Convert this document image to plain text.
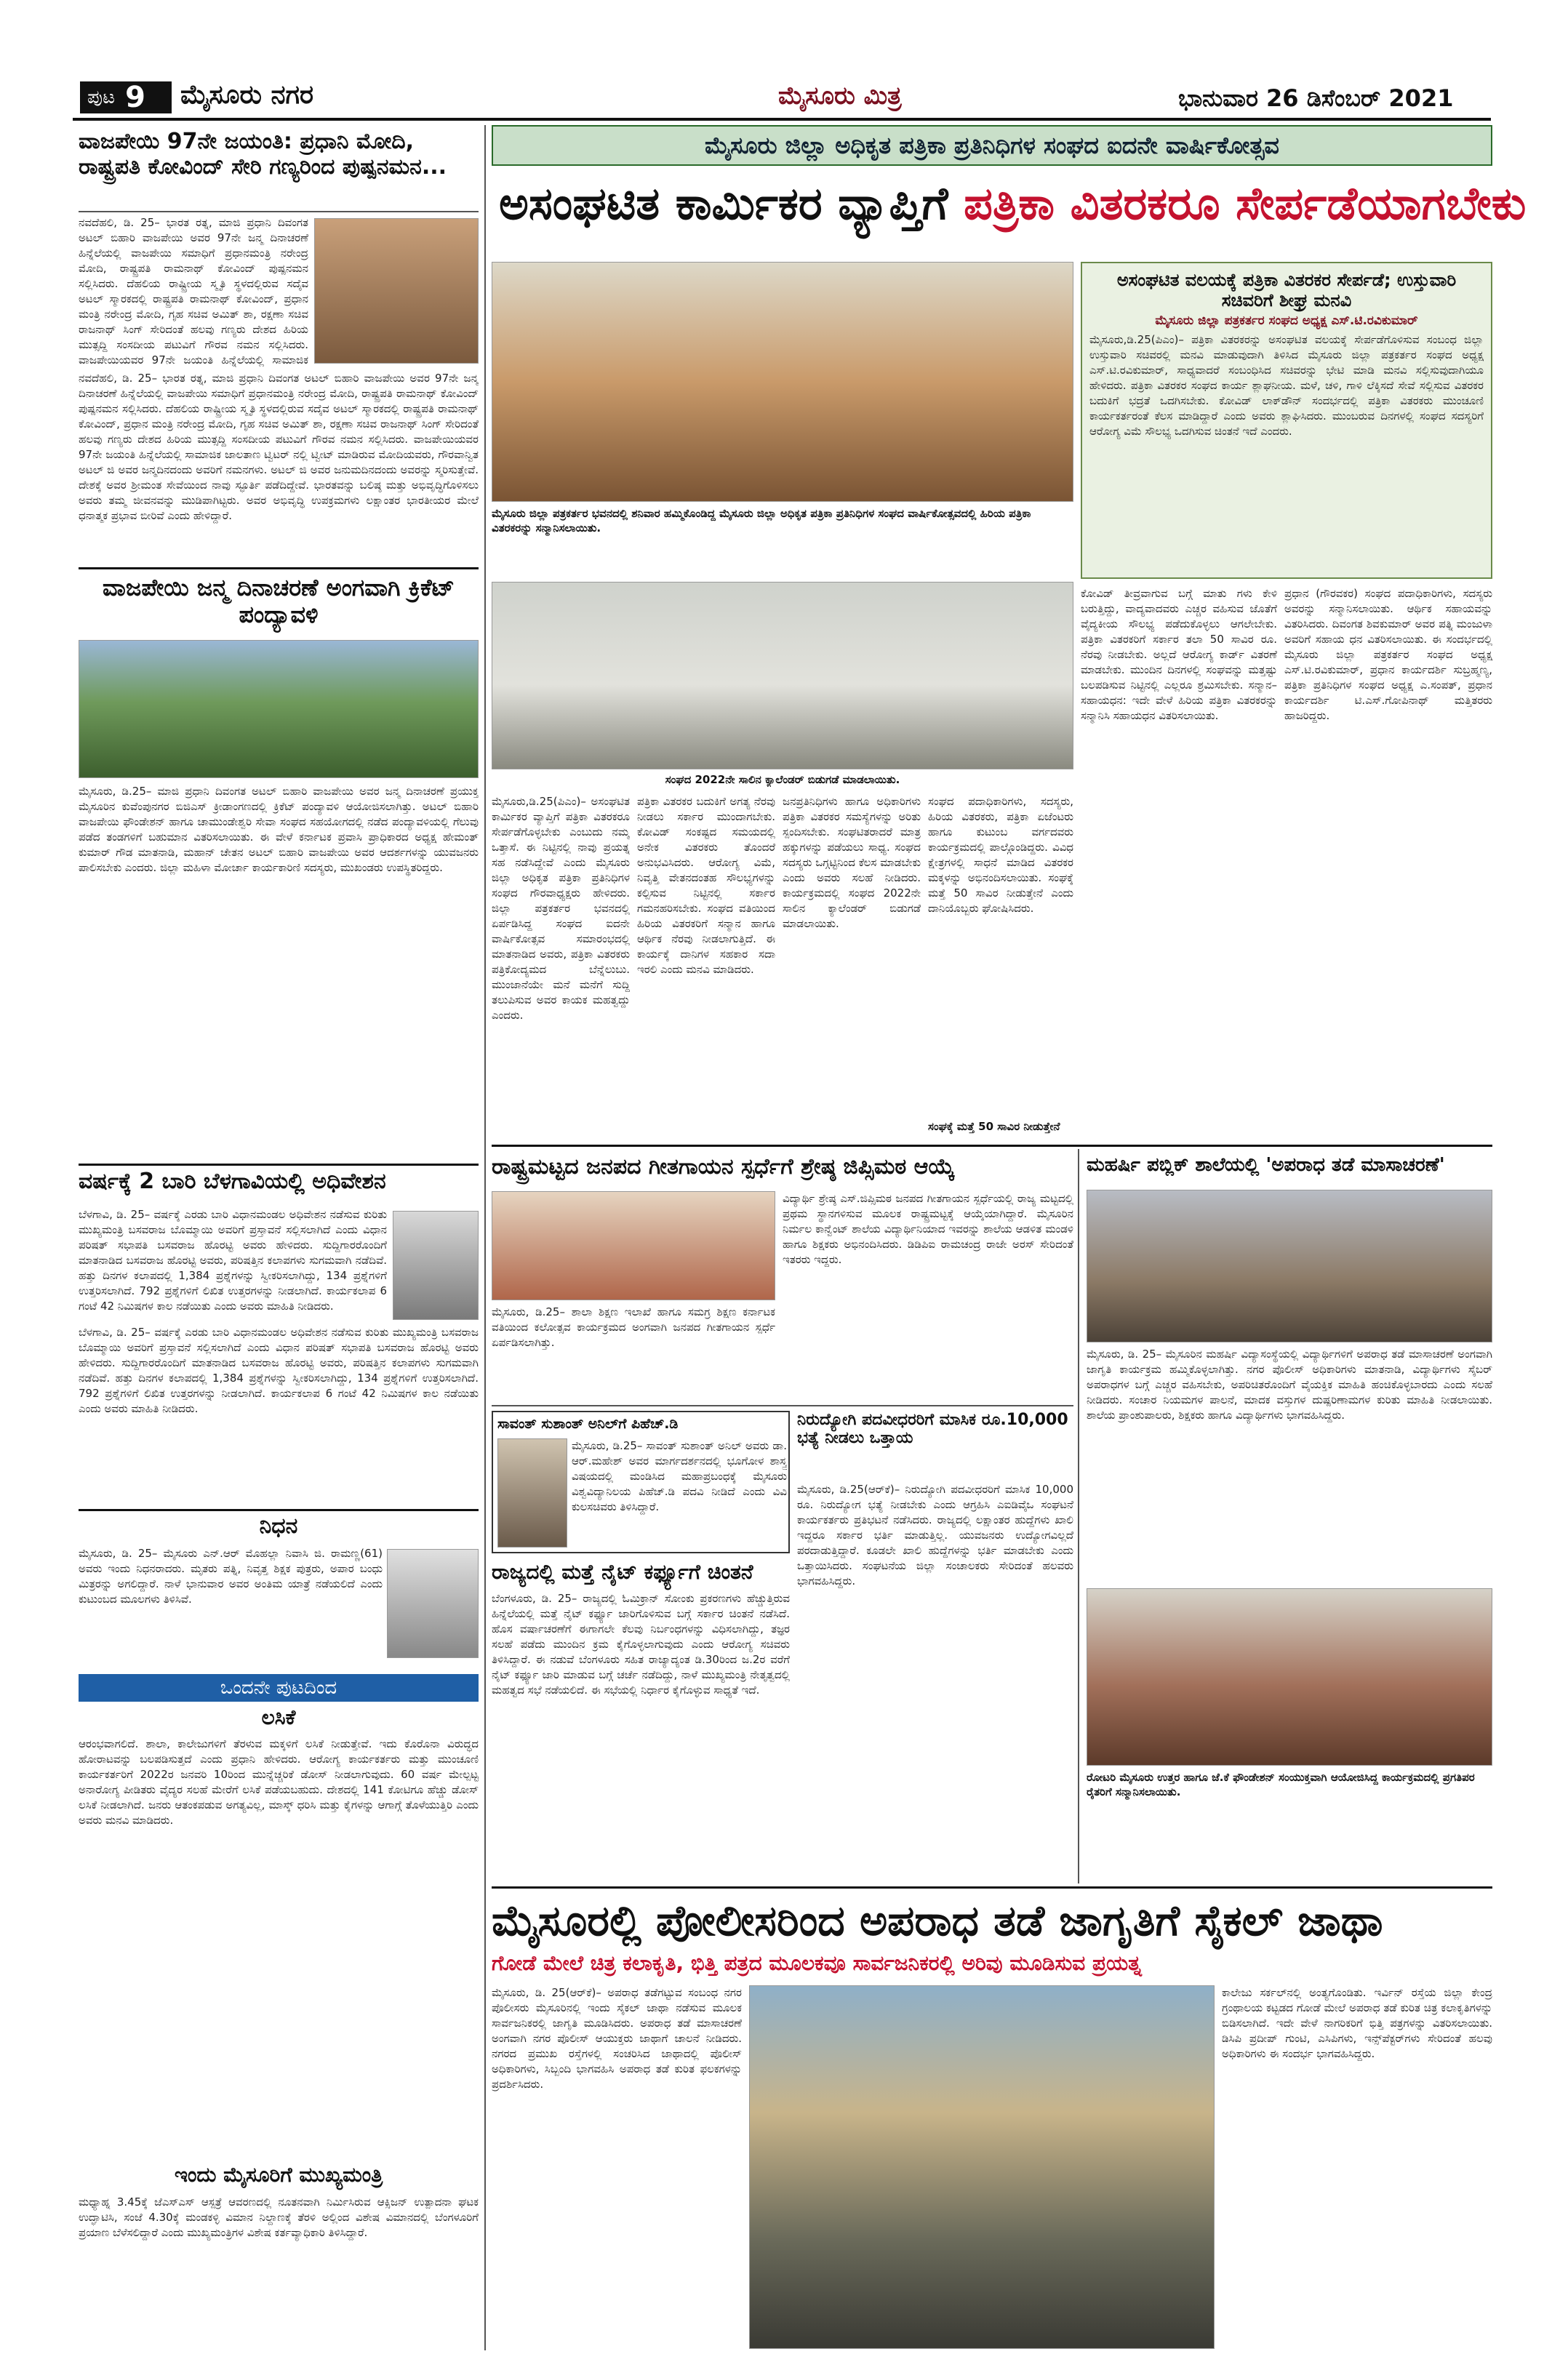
ಪುಟ 9 ಮೈಸೂರು ನಗರ	ಮೈಸೂರು ಮಿತ್ರ	ಭಾನುವಾರ 26 ಡಿಸೆಂಬರ್ 2021
ವಾಜಪೇಯಿ 97ನೇ ಜಯಂತಿ: ಪ್ರಧಾನಿ ಮೋದಿ, ರಾಷ್ಟ್ರಪತಿ ಕೋವಿಂದ್ ಸೇರಿ ಗಣ್ಯರಿಂದ ಪುಷ್ಪನಮನ...
ನವದೆಹಲಿ, ಡಿ. 25– ಭಾರತ ರತ್ನ, ಮಾಜಿ ಪ್ರಧಾನಿ ದಿವಂಗತ ಅಟಲ್ ಬಿಹಾರಿ ವಾಜಪೇಯಿ ಅವರ 97ನೇ ಜನ್ಮ ದಿನಾಚರಣೆ ಹಿನ್ನೆಲೆಯಲ್ಲಿ ವಾಜಪೇಯಿ ಸಮಾಧಿಗೆ ಪ್ರಧಾನಮಂತ್ರಿ ನರೇಂದ್ರ ಮೋದಿ, ರಾಷ್ಟ್ರಪತಿ ರಾಮನಾಥ್ ಕೋವಿಂದ್ ಪುಷ್ಪನಮನ ಸಲ್ಲಿಸಿದರು. ದೆಹಲಿಯ ರಾಷ್ಟ್ರೀಯ ಸ್ಮೃತಿ ಸ್ಥಳದಲ್ಲಿರುವ ಸದೈವ ಅಟಲ್ ಸ್ಮಾರಕದಲ್ಲಿ ರಾಷ್ಟ್ರಪತಿ ರಾಮನಾಥ್ ಕೋವಿಂದ್, ಪ್ರಧಾನ ಮಂತ್ರಿ ನರೇಂದ್ರ ಮೋದಿ, ಗೃಹ ಸಚಿವ ಅಮಿತ್ ಶಾ, ರಕ್ಷಣಾ ಸಚಿವ ರಾಜನಾಥ್ ಸಿಂಗ್ ಸೇರಿದಂತೆ ಹಲವು ಗಣ್ಯರು ದೇಶದ ಹಿರಿಯ ಮುತ್ಸದ್ದಿ ಸಂಸದೀಯ ಪಟುವಿಗೆ ಗೌರವ ನಮನ ಸಲ್ಲಿಸಿದರು. ವಾಜಪೇಯಿಯವರ 97ನೇ ಜಯಂತಿ ಹಿನ್ನೆಲೆಯಲ್ಲಿ ಸಾಮಾಜಿಕ
ನವದೆಹಲಿ, ಡಿ. 25– ಭಾರತ ರತ್ನ, ಮಾಜಿ ಪ್ರಧಾನಿ ದಿವಂಗತ ಅಟಲ್ ಬಿಹಾರಿ ವಾಜಪೇಯಿ ಅವರ 97ನೇ ಜನ್ಮ ದಿನಾಚರಣೆ ಹಿನ್ನೆಲೆಯಲ್ಲಿ ವಾಜಪೇಯಿ ಸಮಾಧಿಗೆ ಪ್ರಧಾನಮಂತ್ರಿ ನರೇಂದ್ರ ಮೋದಿ, ರಾಷ್ಟ್ರಪತಿ ರಾಮನಾಥ್ ಕೋವಿಂದ್ ಪುಷ್ಪನಮನ ಸಲ್ಲಿಸಿದರು. ದೆಹಲಿಯ ರಾಷ್ಟ್ರೀಯ ಸ್ಮೃತಿ ಸ್ಥಳದಲ್ಲಿರುವ ಸದೈವ ಅಟಲ್ ಸ್ಮಾರಕದಲ್ಲಿ ರಾಷ್ಟ್ರಪತಿ ರಾಮನಾಥ್ ಕೋವಿಂದ್, ಪ್ರಧಾನ ಮಂತ್ರಿ ನರೇಂದ್ರ ಮೋದಿ, ಗೃಹ ಸಚಿವ ಅಮಿತ್ ಶಾ, ರಕ್ಷಣಾ ಸಚಿವ ರಾಜನಾಥ್ ಸಿಂಗ್ ಸೇರಿದಂತೆ ಹಲವು ಗಣ್ಯರು ದೇಶದ ಹಿರಿಯ ಮುತ್ಸದ್ದಿ ಸಂಸದೀಯ ಪಟುವಿಗೆ ಗೌರವ ನಮನ ಸಲ್ಲಿಸಿದರು. ವಾಜಪೇಯಿಯವರ 97ನೇ ಜಯಂತಿ ಹಿನ್ನೆಲೆಯಲ್ಲಿ ಸಾಮಾಜಿಕ ಜಾಲತಾಣ ಟ್ವಿಟರ್ ನಲ್ಲಿ ಟ್ವೀಟ್ ಮಾಡಿರುವ ಮೋದಿಯವರು, ಗೌರವಾನ್ವಿತ ಅಟಲ್ ಜಿ ಅವರ ಜನ್ಮದಿನದಂದು ಅವರಿಗೆ ನಮನಗಳು. ಅಟಲ್ ಜಿ ಅವರ ಜನುಮದಿನದಂದು ಅವರನ್ನು ಸ್ಮರಿಸುತ್ತೇವೆ. ದೇಶಕ್ಕೆ ಅವರ ಶ್ರೀಮಂತ ಸೇವೆಯಿಂದ ನಾವು ಸ್ಫೂರ್ತಿ ಪಡೆದಿದ್ದೇವೆ. ಭಾರತವನ್ನು ಬಲಿಷ್ಠ ಮತ್ತು ಅಭಿವೃದ್ಧಿಗೊಳಿಸಲು ಅವರು ತಮ್ಮ ಜೀವನವನ್ನು ಮುಡಿಪಾಗಿಟ್ಟರು. ಅವರ ಅಭಿವೃದ್ಧಿ ಉಪಕ್ರಮಗಳು ಲಕ್ಷಾಂತರ ಭಾರತೀಯರ ಮೇಲೆ ಧನಾತ್ಮಕ ಪ್ರಭಾವ ಬೀರಿವೆ ಎಂದು ಹೇಳಿದ್ದಾರೆ.
ವಾಜಪೇಯಿ ಜನ್ಮ ದಿನಾಚರಣೆ ಅಂಗವಾಗಿ ಕ್ರಿಕೆಟ್ ಪಂದ್ಯಾವಳಿ
ಮೈಸೂರು, ಡಿ.25– ಮಾಜಿ ಪ್ರಧಾನಿ ದಿವಂಗತ ಅಟಲ್ ಬಿಹಾರಿ ವಾಜಪೇಯಿ ಅವರ ಜನ್ಮ ದಿನಾಚರಣೆ ಪ್ರಯುಕ್ತ ಮೈಸೂರಿನ ಕುವೆಂಪುನಗರ ಬಿಜಿಎಸ್ ಕ್ರೀಡಾಂಗಣದಲ್ಲಿ ಕ್ರಿಕೆಟ್ ಪಂದ್ಯಾವಳಿ ಆಯೋಜಿಸಲಾಗಿತ್ತು. ಅಟಲ್ ಬಿಹಾರಿ ವಾಜಪೇಯಿ ಫೌಂಡೇಶನ್ ಹಾಗೂ ಚಾಮುಂಡೇಶ್ವರಿ ಸೇವಾ ಸಂಘದ ಸಹಯೋಗದಲ್ಲಿ ನಡೆದ ಪಂದ್ಯಾವಳಿಯಲ್ಲಿ ಗೆಲುವು ಪಡೆದ ತಂಡಗಳಿಗೆ ಬಹುಮಾನ ವಿತರಿಸಲಾಯಿತು. ಈ ವೇಳೆ ಕರ್ನಾಟಕ ಪ್ರವಾಸಿ ಪ್ರಾಧಿಕಾರದ ಅಧ್ಯಕ್ಷ ಹೇಮಂತ್ ಕುಮಾರ್ ಗೌಡ ಮಾತನಾಡಿ, ಮಹಾನ್ ಚೇತನ ಅಟಲ್ ಬಿಹಾರಿ ವಾಜಪೇಯಿ ಅವರ ಆದರ್ಶಗಳನ್ನು ಯುವಜನರು ಪಾಲಿಸಬೇಕು ಎಂದರು. ಜಿಲ್ಲಾ ಮಹಿಳಾ ಮೋರ್ಚಾ ಕಾರ್ಯಕಾರಿಣಿ ಸದಸ್ಯರು, ಮುಖಂಡರು ಉಪಸ್ಥಿತರಿದ್ದರು.
ವರ್ಷಕ್ಕೆ 2 ಬಾರಿ ಬೆಳಗಾವಿಯಲ್ಲಿ ಅಧಿವೇಶನ
ಬೆಳಗಾವಿ, ಡಿ. 25– ವರ್ಷಕ್ಕೆ ಎರಡು ಬಾರಿ ವಿಧಾನಮಂಡಲ ಅಧಿವೇಶನ ನಡೆಸುವ ಕುರಿತು ಮುಖ್ಯಮಂತ್ರಿ ಬಸವರಾಜ ಬೊಮ್ಮಾಯಿ ಅವರಿಗೆ ಪ್ರಸ್ತಾವನೆ ಸಲ್ಲಿಸಲಾಗಿದೆ ಎಂದು ವಿಧಾನ ಪರಿಷತ್ ಸಭಾಪತಿ ಬಸವರಾಜ ಹೊರಟ್ಟಿ ಅವರು ಹೇಳಿದರು. ಸುದ್ದಿಗಾರರೊಂದಿಗೆ ಮಾತನಾಡಿದ ಬಸವರಾಜ ಹೊರಟ್ಟಿ ಅವರು, ಪರಿಷತ್ತಿನ ಕಲಾಪಗಳು ಸುಗಮವಾಗಿ ನಡೆದಿವೆ. ಹತ್ತು ದಿನಗಳ ಕಲಾಪದಲ್ಲಿ 1,384 ಪ್ರಶ್ನೆಗಳನ್ನು ಸ್ವೀಕರಿಸಲಾಗಿದ್ದು, 134 ಪ್ರಶ್ನೆಗಳಿಗೆ ಉತ್ತರಿಸಲಾಗಿದೆ. 792 ಪ್ರಶ್ನೆಗಳಿಗೆ ಲಿಖಿತ ಉತ್ತರಗಳನ್ನು ನೀಡಲಾಗಿದೆ. ಕಾರ್ಯಕಲಾಪ 6 ಗಂಟೆ 42 ನಿಮಿಷಗಳ ಕಾಲ ನಡೆಯಿತು ಎಂದು ಅವರು ಮಾಹಿತಿ ನೀಡಿದರು.
ಬೆಳಗಾವಿ, ಡಿ. 25– ವರ್ಷಕ್ಕೆ ಎರಡು ಬಾರಿ ವಿಧಾನಮಂಡಲ ಅಧಿವೇಶನ ನಡೆಸುವ ಕುರಿತು ಮುಖ್ಯಮಂತ್ರಿ ಬಸವರಾಜ ಬೊಮ್ಮಾಯಿ ಅವರಿಗೆ ಪ್ರಸ್ತಾವನೆ ಸಲ್ಲಿಸಲಾಗಿದೆ ಎಂದು ವಿಧಾನ ಪರಿಷತ್ ಸಭಾಪತಿ ಬಸವರಾಜ ಹೊರಟ್ಟಿ ಅವರು ಹೇಳಿದರು. ಸುದ್ದಿಗಾರರೊಂದಿಗೆ ಮಾತನಾಡಿದ ಬಸವರಾಜ ಹೊರಟ್ಟಿ ಅವರು, ಪರಿಷತ್ತಿನ ಕಲಾಪಗಳು ಸುಗಮವಾಗಿ ನಡೆದಿವೆ. ಹತ್ತು ದಿನಗಳ ಕಲಾಪದಲ್ಲಿ 1,384 ಪ್ರಶ್ನೆಗಳನ್ನು ಸ್ವೀಕರಿಸಲಾಗಿದ್ದು, 134 ಪ್ರಶ್ನೆಗಳಿಗೆ ಉತ್ತರಿಸಲಾಗಿದೆ. 792 ಪ್ರಶ್ನೆಗಳಿಗೆ ಲಿಖಿತ ಉತ್ತರಗಳನ್ನು ನೀಡಲಾಗಿದೆ. ಕಾರ್ಯಕಲಾಪ 6 ಗಂಟೆ 42 ನಿಮಿಷಗಳ ಕಾಲ ನಡೆಯಿತು ಎಂದು ಅವರು ಮಾಹಿತಿ ನೀಡಿದರು.
ನಿಧನ
ಮೈಸೂರು, ಡಿ. 25– ಮೈಸೂರು ಎನ್.ಆರ್ ಮೊಹಲ್ಲಾ ನಿವಾಸಿ ಜಿ. ರಾಮಣ್ಣ(61) ಅವರು ಇಂದು ನಿಧನರಾದರು. ಮೃತರು ಪತ್ನಿ, ನಿವೃತ್ತ ಶಿಕ್ಷಕ ಪುತ್ರರು, ಅಪಾರ ಬಂಧು ಮಿತ್ರರನ್ನು ಅಗಲಿದ್ದಾರೆ. ನಾಳೆ ಭಾನುವಾರ ಅವರ ಅಂತಿಮ ಯಾತ್ರೆ ನಡೆಯಲಿದೆ ಎಂದು ಕುಟುಂಬದ ಮೂಲಗಳು ತಿಳಿಸಿವೆ.
ಒಂದನೇ ಪುಟದಿಂದ
ಲಸಿಕೆ
ಆರಂಭವಾಗಲಿದೆ. ಶಾಲಾ, ಕಾಲೇಜುಗಳಿಗೆ ತೆರಳುವ ಮಕ್ಕಳಿಗೆ ಲಸಿಕೆ ನೀಡುತ್ತೇವೆ. ಇದು ಕೊರೊನಾ ವಿರುದ್ಧದ ಹೋರಾಟವನ್ನು ಬಲಪಡಿಸುತ್ತದೆ ಎಂದು ಪ್ರಧಾನಿ ಹೇಳಿದರು. ಆರೋಗ್ಯ ಕಾರ್ಯಕರ್ತರು ಮತ್ತು ಮುಂಚೂಣಿ ಕಾರ್ಯಕರ್ತರಿಗೆ 2022ರ ಜನವರಿ 10ರಿಂದ ಮುನ್ನೆಚ್ಚರಿಕೆ ಡೋಸ್ ನೀಡಲಾಗುವುದು. 60 ವರ್ಷ ಮೇಲ್ಪಟ್ಟ ಅನಾರೋಗ್ಯ ಪೀಡಿತರು ವೈದ್ಯರ ಸಲಹೆ ಮೇರೆಗೆ ಲಸಿಕೆ ಪಡೆಯಬಹುದು. ದೇಶದಲ್ಲಿ 141 ಕೋಟಿಗೂ ಹೆಚ್ಚು ಡೋಸ್ ಲಸಿಕೆ ನೀಡಲಾಗಿದೆ. ಜನರು ಆತಂಕಪಡುವ ಅಗತ್ಯವಿಲ್ಲ, ಮಾಸ್ಕ್ ಧರಿಸಿ ಮತ್ತು ಕೈಗಳನ್ನು ಆಗಾಗ್ಗೆ ತೊಳೆಯುತ್ತಿರಿ ಎಂದು ಅವರು ಮನವಿ ಮಾಡಿದರು.
ಇಂದು ಮೈಸೂರಿಗೆ ಮುಖ್ಯಮಂತ್ರಿ
ಮಧ್ಯಾಹ್ನ 3.45ಕ್ಕೆ ಜೆಎಸ್ಎಸ್ ಆಸ್ಪತ್ರೆ ಆವರಣದಲ್ಲಿ ನೂತನವಾಗಿ ನಿರ್ಮಿಸಿರುವ ಆಕ್ಸಿಜನ್ ಉತ್ಪಾದನಾ ಘಟಕ ಉದ್ಘಾಟಿಸಿ, ಸಂಜೆ 4.30ಕ್ಕೆ ಮಂಡಕಳ್ಳಿ ವಿಮಾನ ನಿಲ್ದಾಣಕ್ಕೆ ತೆರಳಿ ಅಲ್ಲಿಂದ ವಿಶೇಷ ವಿಮಾನದಲ್ಲಿ ಬೆಂಗಳೂರಿಗೆ ಪ್ರಯಾಣ ಬೆಳೆಸಲಿದ್ದಾರೆ ಎಂದು ಮುಖ್ಯಮಂತ್ರಿಗಳ ವಿಶೇಷ ಕರ್ತವ್ಯಾಧಿಕಾರಿ ತಿಳಿಸಿದ್ದಾರೆ.
ಮೈಸೂರು ಜಿಲ್ಲಾ ಅಧಿಕೃತ ಪತ್ರಿಕಾ ಪ್ರತಿನಿಧಿಗಳ ಸಂಘದ ಐದನೇ ವಾರ್ಷಿಕೋತ್ಸವ
ಅಸಂಘಟಿತ ಕಾರ್ಮಿಕರ ವ್ಯಾಪ್ತಿಗೆ ಪತ್ರಿಕಾ ವಿತರಕರೂ ಸೇರ್ಪಡೆಯಾಗಬೇಕು
ಮೈಸೂರು ಜಿಲ್ಲಾ ಪತ್ರಕರ್ತರ ಭವನದಲ್ಲಿ ಶನಿವಾರ ಹಮ್ಮಿಕೊಂಡಿದ್ದ ಮೈಸೂರು ಜಿಲ್ಲಾ ಅಧಿಕೃತ ಪತ್ರಿಕಾ ಪ್ರತಿನಿಧಿಗಳ ಸಂಘದ ವಾರ್ಷಿಕೋತ್ಸವದಲ್ಲಿ ಹಿರಿಯ ಪತ್ರಿಕಾ ವಿತರಕರನ್ನು ಸನ್ಮಾನಿಸಲಾಯಿತು.
ಅಸಂಘಟಿತ ವಲಯಕ್ಕೆ ಪತ್ರಿಕಾ ವಿತರಕರ ಸೇರ್ಪಡೆ; ಉಸ್ತುವಾರಿ ಸಚಿವರಿಗೆ ಶೀಘ್ರ ಮನವಿ
ಮೈಸೂರು ಜಿಲ್ಲಾ ಪತ್ರಕರ್ತರ ಸಂಘದ ಅಧ್ಯಕ್ಷ ಎಸ್.ಟಿ.ರವಿಕುಮಾರ್
ಮೈಸೂರು,ಡಿ.25(ಪಿಎಂ)– ಪತ್ರಿಕಾ ವಿತರಕರನ್ನು ಅಸಂಘಟಿತ ವಲಯಕ್ಕೆ ಸೇರ್ಪಡೆಗೊಳಿಸುವ ಸಂಬಂಧ ಜಿಲ್ಲಾ ಉಸ್ತುವಾರಿ ಸಚಿವರಲ್ಲಿ ಮನವಿ ಮಾಡುವುದಾಗಿ ತಿಳಿಸಿದ ಮೈಸೂರು ಜಿಲ್ಲಾ ಪತ್ರಕರ್ತರ ಸಂಘದ ಅಧ್ಯಕ್ಷ ಎಸ್.ಟಿ.ರವಿಕುಮಾರ್, ಸಾಧ್ಯವಾದರೆ ಸಂಬಂಧಿಸಿದ ಸಚಿವರನ್ನು ಭೇಟಿ ಮಾಡಿ ಮನವಿ ಸಲ್ಲಿಸುವುದಾಗಿಯೂ ಹೇಳಿದರು. ಪತ್ರಿಕಾ ವಿತರಕರ ಸಂಘದ ಕಾರ್ಯ ಶ್ಲಾಘನೀಯ. ಮಳೆ, ಚಳಿ, ಗಾಳಿ ಲೆಕ್ಕಿಸದೆ ಸೇವೆ ಸಲ್ಲಿಸುವ ವಿತರಕರ ಬದುಕಿಗೆ ಭದ್ರತೆ ಒದಗಿಸಬೇಕು. ಕೋವಿಡ್ ಲಾಕ್‌ಡೌನ್ ಸಂದರ್ಭದಲ್ಲಿ ಪತ್ರಿಕಾ ವಿತರಕರು ಮುಂಚೂಣಿ ಕಾರ್ಯಕರ್ತರಂತೆ ಕೆಲಸ ಮಾಡಿದ್ದಾರೆ ಎಂದು ಅವರು ಶ್ಲಾಘಿಸಿದರು. ಮುಂಬರುವ ದಿನಗಳಲ್ಲಿ ಸಂಘದ ಸದಸ್ಯರಿಗೆ ಆರೋಗ್ಯ ವಿಮೆ ಸೌಲಭ್ಯ ಒದಗಿಸುವ ಚಿಂತನೆ ಇದೆ ಎಂದರು.
ಸಂಘದ 2022ನೇ ಸಾಲಿನ ಕ್ಯಾಲೆಂಡರ್ ಬಿಡುಗಡೆ ಮಾಡಲಾಯಿತು.
ಮೈಸೂರು,ಡಿ.25(ಪಿಎಂ)– ಅಸಂಘಟಿತ ಕಾರ್ಮಿಕರ ವ್ಯಾಪ್ತಿಗೆ ಪತ್ರಿಕಾ ವಿತರಕರೂ ಸೇರ್ಪಡೆಗೊಳ್ಳಬೇಕು ಎಂಬುದು ನಮ್ಮ ಒತ್ತಾಸೆ. ಈ ನಿಟ್ಟಿನಲ್ಲಿ ನಾವು ಪ್ರಯತ್ನ ಸಹ ನಡೆಸಿದ್ದೇವೆ ಎಂದು ಮೈಸೂರು ಜಿಲ್ಲಾ ಅಧಿಕೃತ ಪತ್ರಿಕಾ ಪ್ರತಿನಿಧಿಗಳ ಸಂಘದ ಗೌರವಾಧ್ಯಕ್ಷರು ಹೇಳಿದರು. ಜಿಲ್ಲಾ ಪತ್ರಕರ್ತರ ಭವನದಲ್ಲಿ ಏರ್ಪಡಿಸಿದ್ದ ಸಂಘದ ಐದನೇ ವಾರ್ಷಿಕೋತ್ಸವ ಸಮಾರಂಭದಲ್ಲಿ ಮಾತನಾಡಿದ ಅವರು, ಪತ್ರಿಕಾ ವಿತರಕರು ಪತ್ರಿಕೋದ್ಯಮದ ಬೆನ್ನೆಲುಬು. ಮುಂಜಾನೆಯೇ ಮನೆ ಮನೆಗೆ ಸುದ್ದಿ ತಲುಪಿಸುವ ಅವರ ಕಾಯಕ ಮಹತ್ವದ್ದು ಎಂದರು.
ಪತ್ರಿಕಾ ವಿತರಕರ ಬದುಕಿಗೆ ಅಗತ್ಯ ನೆರವು ನೀಡಲು ಸರ್ಕಾರ ಮುಂದಾಗಬೇಕು. ಕೋವಿಡ್ ಸಂಕಷ್ಟದ ಸಮಯದಲ್ಲಿ ಅನೇಕ ವಿತರಕರು ತೊಂದರೆ ಅನುಭವಿಸಿದರು. ಆರೋಗ್ಯ ವಿಮೆ, ನಿವೃತ್ತಿ ವೇತನದಂತಹ ಸೌಲಭ್ಯಗಳನ್ನು ಕಲ್ಪಿಸುವ ನಿಟ್ಟಿನಲ್ಲಿ ಸರ್ಕಾರ ಗಮನಹರಿಸಬೇಕು. ಸಂಘದ ವತಿಯಿಂದ ಹಿರಿಯ ವಿತರಕರಿಗೆ ಸನ್ಮಾನ ಹಾಗೂ ಆರ್ಥಿಕ ನೆರವು ನೀಡಲಾಗುತ್ತಿದೆ. ಈ ಕಾರ್ಯಕ್ಕೆ ದಾನಿಗಳ ಸಹಕಾರ ಸದಾ ಇರಲಿ ಎಂದು ಮನವಿ ಮಾಡಿದರು.
ಜನಪ್ರತಿನಿಧಿಗಳು ಹಾಗೂ ಅಧಿಕಾರಿಗಳು ಪತ್ರಿಕಾ ವಿತರಕರ ಸಮಸ್ಯೆಗಳನ್ನು ಅರಿತು ಸ್ಪಂದಿಸಬೇಕು. ಸಂಘಟಿತರಾದರೆ ಮಾತ್ರ ಹಕ್ಕುಗಳನ್ನು ಪಡೆಯಲು ಸಾಧ್ಯ. ಸಂಘದ ಸದಸ್ಯರು ಒಗ್ಗಟ್ಟಿನಿಂದ ಕೆಲಸ ಮಾಡಬೇಕು ಎಂದು ಅವರು ಸಲಹೆ ನೀಡಿದರು. ಕಾರ್ಯಕ್ರಮದಲ್ಲಿ ಸಂಘದ 2022ನೇ ಸಾಲಿನ ಕ್ಯಾಲೆಂಡರ್ ಬಿಡುಗಡೆ ಮಾಡಲಾಯಿತು.
ಸಂಘದ ಪದಾಧಿಕಾರಿಗಳು, ಸದಸ್ಯರು, ಹಿರಿಯ ವಿತರಕರು, ಪತ್ರಿಕಾ ಏಜೆಂಟರು ಹಾಗೂ ಕುಟುಂಬ ವರ್ಗದವರು ಕಾರ್ಯಕ್ರಮದಲ್ಲಿ ಪಾಲ್ಗೊಂಡಿದ್ದರು. ವಿವಿಧ ಕ್ಷೇತ್ರಗಳಲ್ಲಿ ಸಾಧನೆ ಮಾಡಿದ ವಿತರಕರ ಮಕ್ಕಳನ್ನು ಅಭಿನಂದಿಸಲಾಯಿತು. ಸಂಘಕ್ಕೆ ಮತ್ತೆ 50 ಸಾವಿರ ನೀಡುತ್ತೇನೆ ಎಂದು ದಾನಿಯೊಬ್ಬರು ಘೋಷಿಸಿದರು.
ಸಂಘಕ್ಕೆ ಮತ್ತೆ 50 ಸಾವಿರ ನೀಡುತ್ತೇನೆ
ಕೋವಿಡ್ ತೀವ್ರವಾಗುವ ಬಗ್ಗೆ ಮಾತು ಗಳು ಕೇಳಿ ಬರುತ್ತಿದ್ದು, ವಾದ್ಯವಾದವರು ಎಚ್ಚರ ವಹಿಸುವ ಜೊತೆಗೆ ವೈದ್ಯಕೀಯ ಸೌಲಭ್ಯ ಪಡೆದುಕೊಳ್ಳಲು ಆಗಲೇಬೇಕು. ಪತ್ರಿಕಾ ವಿತರಕರಿಗೆ ಸರ್ಕಾರ ತಲಾ 50 ಸಾವಿರ ರೂ. ನೆರವು ನೀಡಬೇಕು. ಅಲ್ಲದೆ ಆರೋಗ್ಯ ಕಾರ್ಡ್ ವಿತರಣೆ ಮಾಡಬೇಕು. ಮುಂದಿನ ದಿನಗಳಲ್ಲಿ ಸಂಘವನ್ನು ಮತ್ತಷ್ಟು ಬಲಪಡಿಸುವ ನಿಟ್ಟಿನಲ್ಲಿ ಎಲ್ಲರೂ ಶ್ರಮಿಸಬೇಕು. ಸನ್ಮಾನ–ಸಹಾಯಧನ: ಇದೇ ವೇಳೆ ಹಿರಿಯ ಪತ್ರಿಕಾ ವಿತರಕರನ್ನು ಸನ್ಮಾನಿಸಿ ಸಹಾಯಧನ ವಿತರಿಸಲಾಯಿತು.
ಪ್ರಧಾನ (ಗೌರವಕರ) ಸಂಘದ ಪದಾಧಿಕಾರಿಗಳು, ಸದಸ್ಯರು ಅವರನ್ನು ಸನ್ಮಾನಿಸಲಾಯಿತು. ಆರ್ಥಿಕ ಸಹಾಯವನ್ನು ವಿತರಿಸಿದರು. ದಿವಂಗತ ಶಿವಕುಮಾರ್ ಅವರ ಪತ್ನಿ ಮಂಜುಳಾ ಅವರಿಗೆ ಸಹಾಯ ಧನ ವಿತರಿಸಲಾಯಿತು. ಈ ಸಂದರ್ಭದಲ್ಲಿ ಮೈಸೂರು ಜಿಲ್ಲಾ ಪತ್ರಕರ್ತರ ಸಂಘದ ಅಧ್ಯಕ್ಷ ಎಸ್.ಟಿ.ರವಿಕುಮಾರ್, ಪ್ರಧಾನ ಕಾರ್ಯದರ್ಶಿ ಸುಬ್ರಹ್ಮಣ್ಯ, ಪತ್ರಿಕಾ ಪ್ರತಿನಿಧಿಗಳ ಸಂಘದ ಅಧ್ಯಕ್ಷ ಎ.ಸಂಪತ್, ಪ್ರಧಾನ ಕಾರ್ಯದರ್ಶಿ ಟಿ.ಎಸ್.ಗೋಪಿನಾಥ್ ಮತ್ತಿತರರು ಹಾಜರಿದ್ದರು.
ರಾಷ್ಟ್ರಮಟ್ಟದ ಜನಪದ ಗೀತಗಾಯನ ಸ್ಪರ್ಧೆಗೆ ಶ್ರೇಷ್ಠ ಜಿಪ್ಸಿಮಠ ಆಯ್ಕೆ
ವಿದ್ಯಾರ್ಥಿ ಶ್ರೇಷ್ಠ ಎಸ್.ಜಿಪ್ಸಿಮಠ ಜನಪದ ಗೀತಗಾಯನ ಸ್ಪರ್ಧೆಯಲ್ಲಿ ರಾಜ್ಯ ಮಟ್ಟದಲ್ಲಿ ಪ್ರಥಮ ಸ್ಥಾನಗಳಿಸುವ ಮೂಲಕ ರಾಷ್ಟ್ರಮಟ್ಟಕ್ಕೆ ಆಯ್ಕೆಯಾಗಿದ್ದಾರೆ. ಮೈಸೂರಿನ ನಿರ್ಮಲ ಕಾನ್ವೆಂಟ್ ಶಾಲೆಯ ವಿದ್ಯಾರ್ಥಿನಿಯಾದ ಇವರನ್ನು ಶಾಲೆಯ ಆಡಳಿತ ಮಂಡಳಿ ಹಾಗೂ ಶಿಕ್ಷಕರು ಅಭಿನಂದಿಸಿದರು. ಡಿಡಿಪಿಐ ರಾಮಚಂದ್ರ ರಾಜೇ ಅರಸ್ ಸೇರಿದಂತೆ ಇತರರು ಇದ್ದರು.
ಮೈಸೂರು, ಡಿ.25– ಶಾಲಾ ಶಿಕ್ಷಣ ಇಲಾಖೆ ಹಾಗೂ ಸಮಗ್ರ ಶಿಕ್ಷಣ ಕರ್ನಾಟಕ ವತಿಯಿಂದ ಕಲೋತ್ಸವ ಕಾರ್ಯಕ್ರಮದ ಅಂಗವಾಗಿ ಜನಪದ ಗೀತಗಾಯನ ಸ್ಪರ್ಧೆ ಏರ್ಪಡಿಸಲಾಗಿತ್ತು.
ಸಾವಂತ್ ಸುಶಾಂತ್ ಅನಿಲ್‌ಗೆ ಪಿಹೆಚ್.ಡಿ
ಮೈಸೂರು, ಡಿ.25– ಸಾವಂತ್ ಸುಶಾಂತ್ ಅನಿಲ್ ಅವರು ಡಾ. ಆರ್.ಮಹೇಶ್ ಅವರ ಮಾರ್ಗದರ್ಶನದಲ್ಲಿ ಭೂಗೋಳ ಶಾಸ್ತ್ರ ವಿಷಯದಲ್ಲಿ ಮಂಡಿಸಿದ ಮಹಾಪ್ರಬಂಧಕ್ಕೆ ಮೈಸೂರು ವಿಶ್ವವಿದ್ಯಾನಿಲಯ ಪಿಹೆಚ್.ಡಿ ಪದವಿ ನೀಡಿದೆ ಎಂದು ವಿವಿ ಕುಲಸಚಿವರು ತಿಳಿಸಿದ್ದಾರೆ.
ನಿರುದ್ಯೋಗಿ ಪದವೀಧರರಿಗೆ ಮಾಸಿಕ ರೂ.10,000 ಭತ್ಯೆ ನೀಡಲು ಒತ್ತಾಯ
ಮೈಸೂರು, ಡಿ.25(ಆರ್‌ಕೆ)– ನಿರುದ್ಯೋಗಿ ಪದವೀಧರರಿಗೆ ಮಾಸಿಕ 10,000 ರೂ. ನಿರುದ್ಯೋಗ ಭತ್ಯೆ ನೀಡಬೇಕು ಎಂದು ಆಗ್ರಹಿಸಿ ಎಐಡಿವೈಒ ಸಂಘಟನೆ ಕಾರ್ಯಕರ್ತರು ಪ್ರತಿಭಟನೆ ನಡೆಸಿದರು. ರಾಜ್ಯದಲ್ಲಿ ಲಕ್ಷಾಂತರ ಹುದ್ದೆಗಳು ಖಾಲಿ ಇದ್ದರೂ ಸರ್ಕಾರ ಭರ್ತಿ ಮಾಡುತ್ತಿಲ್ಲ. ಯುವಜನರು ಉದ್ಯೋಗವಿಲ್ಲದೆ ಪರದಾಡುತ್ತಿದ್ದಾರೆ. ಕೂಡಲೇ ಖಾಲಿ ಹುದ್ದೆಗಳನ್ನು ಭರ್ತಿ ಮಾಡಬೇಕು ಎಂದು ಒತ್ತಾಯಿಸಿದರು. ಸಂಘಟನೆಯ ಜಿಲ್ಲಾ ಸಂಚಾಲಕರು ಸೇರಿದಂತೆ ಹಲವರು ಭಾಗವಹಿಸಿದ್ದರು.
ರಾಜ್ಯದಲ್ಲಿ ಮತ್ತೆ ನೈಟ್ ಕರ್ಫ್ಯೂಗೆ ಚಿಂತನೆ
ಬೆಂಗಳೂರು, ಡಿ. 25– ರಾಜ್ಯದಲ್ಲಿ ಓಮಿಕ್ರಾನ್ ಸೋಂಕು ಪ್ರಕರಣಗಳು ಹೆಚ್ಚುತ್ತಿರುವ ಹಿನ್ನೆಲೆಯಲ್ಲಿ ಮತ್ತೆ ನೈಟ್ ಕರ್ಫ್ಯೂ ಜಾರಿಗೊಳಿಸುವ ಬಗ್ಗೆ ಸರ್ಕಾರ ಚಿಂತನೆ ನಡೆಸಿದೆ. ಹೊಸ ವರ್ಷಾಚರಣೆಗೆ ಈಗಾಗಲೇ ಕೆಲವು ನಿರ್ಬಂಧಗಳನ್ನು ವಿಧಿಸಲಾಗಿದ್ದು, ತಜ್ಞರ ಸಲಹೆ ಪಡೆದು ಮುಂದಿನ ಕ್ರಮ ಕೈಗೊಳ್ಳಲಾಗುವುದು ಎಂದು ಆರೋಗ್ಯ ಸಚಿವರು ತಿಳಿಸಿದ್ದಾರೆ. ಈ ನಡುವೆ ಬೆಂಗಳೂರು ಸಹಿತ ರಾಜ್ಯಾದ್ಯಂತ ಡಿ.30ರಿಂದ ಜ.2ರ ವರೆಗೆ ನೈಟ್ ಕರ್ಫ್ಯೂ ಜಾರಿ ಮಾಡುವ ಬಗ್ಗೆ ಚರ್ಚೆ ನಡೆದಿದ್ದು, ನಾಳೆ ಮುಖ್ಯಮಂತ್ರಿ ನೇತೃತ್ವದಲ್ಲಿ ಮಹತ್ವದ ಸಭೆ ನಡೆಯಲಿದೆ. ಈ ಸಭೆಯಲ್ಲಿ ನಿರ್ಧಾರ ಕೈಗೊಳ್ಳುವ ಸಾಧ್ಯತೆ ಇದೆ.
ಮಹರ್ಷಿ ಪಬ್ಲಿಕ್ ಶಾಲೆಯಲ್ಲಿ 'ಅಪರಾಧ ತಡೆ ಮಾಸಾಚರಣೆ'
ಮೈಸೂರು, ಡಿ. 25– ಮೈಸೂರಿನ ಮಹರ್ಷಿ ವಿದ್ಯಾಸಂಸ್ಥೆಯಲ್ಲಿ ವಿದ್ಯಾರ್ಥಿಗಳಿಗೆ ಅಪರಾಧ ತಡೆ ಮಾಸಾಚರಣೆ ಅಂಗವಾಗಿ ಜಾಗೃತಿ ಕಾರ್ಯಕ್ರಮ ಹಮ್ಮಿಕೊಳ್ಳಲಾಗಿತ್ತು. ನಗರ ಪೊಲೀಸ್ ಅಧಿಕಾರಿಗಳು ಮಾತನಾಡಿ, ವಿದ್ಯಾರ್ಥಿಗಳು ಸೈಬರ್ ಅಪರಾಧಗಳ ಬಗ್ಗೆ ಎಚ್ಚರ ವಹಿಸಬೇಕು, ಅಪರಿಚಿತರೊಂದಿಗೆ ವೈಯಕ್ತಿಕ ಮಾಹಿತಿ ಹಂಚಿಕೊಳ್ಳಬಾರದು ಎಂದು ಸಲಹೆ ನೀಡಿದರು. ಸಂಚಾರ ನಿಯಮಗಳ ಪಾಲನೆ, ಮಾದಕ ವಸ್ತುಗಳ ದುಷ್ಪರಿಣಾಮಗಳ ಕುರಿತು ಮಾಹಿತಿ ನೀಡಲಾಯಿತು. ಶಾಲೆಯ ಪ್ರಾಂಶುಪಾಲರು, ಶಿಕ್ಷಕರು ಹಾಗೂ ವಿದ್ಯಾರ್ಥಿಗಳು ಭಾಗವಹಿಸಿದ್ದರು.
ರೋಟರಿ ಮೈಸೂರು ಉತ್ತರ ಹಾಗೂ ಜೆ.ಕೆ ಫೌಂಡೇಶನ್ ಸಂಯುಕ್ತವಾಗಿ ಆಯೋಜಿಸಿದ್ದ ಕಾರ್ಯಕ್ರಮದಲ್ಲಿ ಪ್ರಗತಿಪರ ರೈತರಿಗೆ ಸನ್ಮಾನಿಸಲಾಯಿತು.
ಮೈಸೂರಲ್ಲಿ ಪೋಲೀಸರಿಂದ ಅಪರಾಧ ತಡೆ ಜಾಗೃತಿಗೆ ಸೈಕಲ್ ಜಾಥಾ
ಗೋಡೆ ಮೇಲೆ ಚಿತ್ರ ಕಲಾಕೃತಿ, ಭಿತ್ತಿ ಪತ್ರದ ಮೂಲಕವೂ ಸಾರ್ವಜನಿಕರಲ್ಲಿ ಅರಿವು ಮೂಡಿಸುವ ಪ್ರಯತ್ನ
ಮೈಸೂರು, ಡಿ. 25(ಆರ್‌ಕೆ)– ಅಪರಾಧ ತಡೆಗಟ್ಟುವ ಸಂಬಂಧ ನಗರ ಪೊಲೀಸರು ಮೈಸೂರಿನಲ್ಲಿ ಇಂದು ಸೈಕಲ್ ಜಾಥಾ ನಡೆಸುವ ಮೂಲಕ ಸಾರ್ವಜನಿಕರಲ್ಲಿ ಜಾಗೃತಿ ಮೂಡಿಸಿದರು. ಅಪರಾಧ ತಡೆ ಮಾಸಾಚರಣೆ ಅಂಗವಾಗಿ ನಗರ ಪೊಲೀಸ್ ಆಯುಕ್ತರು ಜಾಥಾಗೆ ಚಾಲನೆ ನೀಡಿದರು. ನಗರದ ಪ್ರಮುಖ ರಸ್ತೆಗಳಲ್ಲಿ ಸಂಚರಿಸಿದ ಜಾಥಾದಲ್ಲಿ ಪೊಲೀಸ್ ಅಧಿಕಾರಿಗಳು, ಸಿಬ್ಬಂದಿ ಭಾಗವಹಿಸಿ ಅಪರಾಧ ತಡೆ ಕುರಿತ ಫಲಕಗಳನ್ನು ಪ್ರದರ್ಶಿಸಿದರು.
ಕಾಲೇಜು ಸರ್ಕಲ್‌ನಲ್ಲಿ ಅಂತ್ಯಗೊಂಡಿತು. ಇರ್ವಿನ್ ರಸ್ತೆಯ ಜಿಲ್ಲಾ ಕೇಂದ್ರ ಗ್ರಂಥಾಲಯ ಕಟ್ಟಡದ ಗೋಡೆ ಮೇಲೆ ಅಪರಾಧ ತಡೆ ಕುರಿತ ಚಿತ್ರ ಕಲಾಕೃತಿಗಳನ್ನು ಬಿಡಿಸಲಾಗಿದೆ. ಇದೇ ವೇಳೆ ನಾಗರಿಕರಿಗೆ ಭಿತ್ತಿ ಪತ್ರಗಳನ್ನು ವಿತರಿಸಲಾಯಿತು. ಡಿಸಿಪಿ ಪ್ರದೀಪ್ ಗುಂಟಿ, ಎಸಿಪಿಗಳು, ಇನ್ಸ್‌ಪೆಕ್ಟರ್‌ಗಳು ಸೇರಿದಂತೆ ಹಲವು ಅಧಿಕಾರಿಗಳು ಈ ಸಂದರ್ಭ ಭಾಗವಹಿಸಿದ್ದರು.
